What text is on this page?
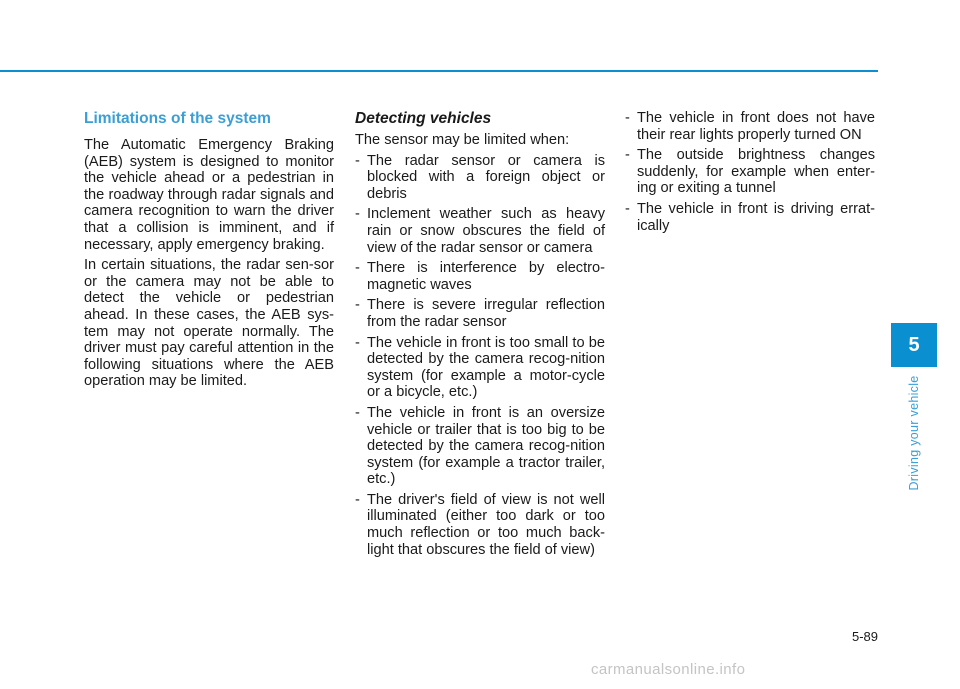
Limitations of the system

The Automatic Emergency Braking (AEB) system is designed to monitor the vehicle ahead or a pedestrian in the roadway through radar signals and camera recognition to warn the driver that a collision is imminent, and if necessary, apply emergency braking.

In certain situations, the radar sen-sor or the camera may not be able to detect the vehicle or pedestrian ahead. In these cases, the AEB sys-tem may not operate normally. The driver must pay careful attention in the following situations where the AEB operation may be limited.

Detecting vehicles

The sensor may be limited when:

- The radar sensor or camera is blocked with a foreign object or debris
- Inclement weather such as heavy rain or snow obscures the field of view of the radar sensor or camera
- There is interference by electro-magnetic waves
- There is severe irregular reflection from the radar sensor
- The vehicle in front is too small to be detected by the camera recog-nition system (for example a motor-cycle or a bicycle, etc.)
- The vehicle in front is an oversize vehicle or trailer that is too big to be detected by the camera recog-nition system (for example a tractor trailer, etc.)
- The driver's field of view is not well illuminated (either too dark or too much reflection or too much back-light that obscures the field of view)
- The vehicle in front does not have their rear lights properly turned ON
- The outside brightness changes suddenly, for example when enter-ing or exiting a tunnel
- The vehicle in front is driving errat-ically
5
Driving your vehicle
5-89
carmanualsonline.info
